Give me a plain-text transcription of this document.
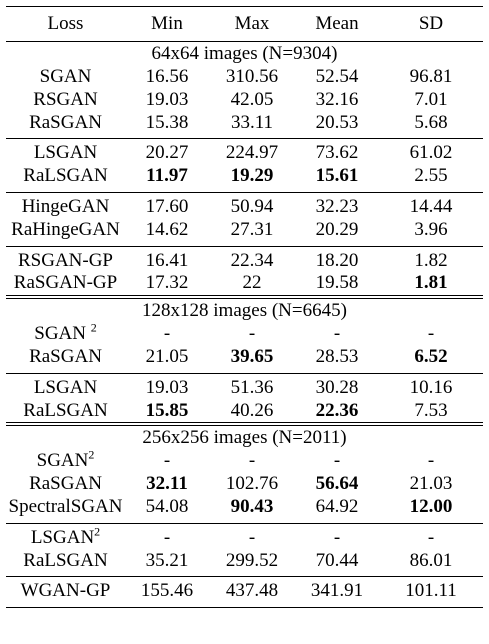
Loss	Min	Max	Mean	SD
64x64 images (N=9304)
SGAN	16.56	310.56	52.54	96.81
RSGAN	19.03	42.05	32.16	7.01
RaSGAN	15.38	33.11	20.53	5.68
LSGAN	20.27	224.97	73.62	61.02
RaLSGAN	11.97	19.29	15.61	2.55
HingeGAN	17.60	50.94	32.23	14.44
RaHingeGAN	14.62	27.31	20.29	3.96
RSGAN-GP	16.41	22.34	18.20	1.82
RaSGAN-GP	17.32	22	19.58	1.81
128x128 images (N=6645)
SGAN $^2$	-	-	-	-
RaSGAN	21.05	39.65	28.53	6.52
LSGAN	19.03	51.36	30.28	10.16
RaLSGAN	15.85	40.26	22.36	7.53
256x256 images (N=2011)
SGAN$^2$	-	-	-	-
RaSGAN	32.11	102.76	56.64	21.03
SpectralSGAN	54.08	90.43	64.92	12.00
LSGAN$^2$	-	-	-	-
RaLSGAN	35.21	299.52	70.44	86.01
WGAN-GP	155.46	437.48	341.91	101.11
